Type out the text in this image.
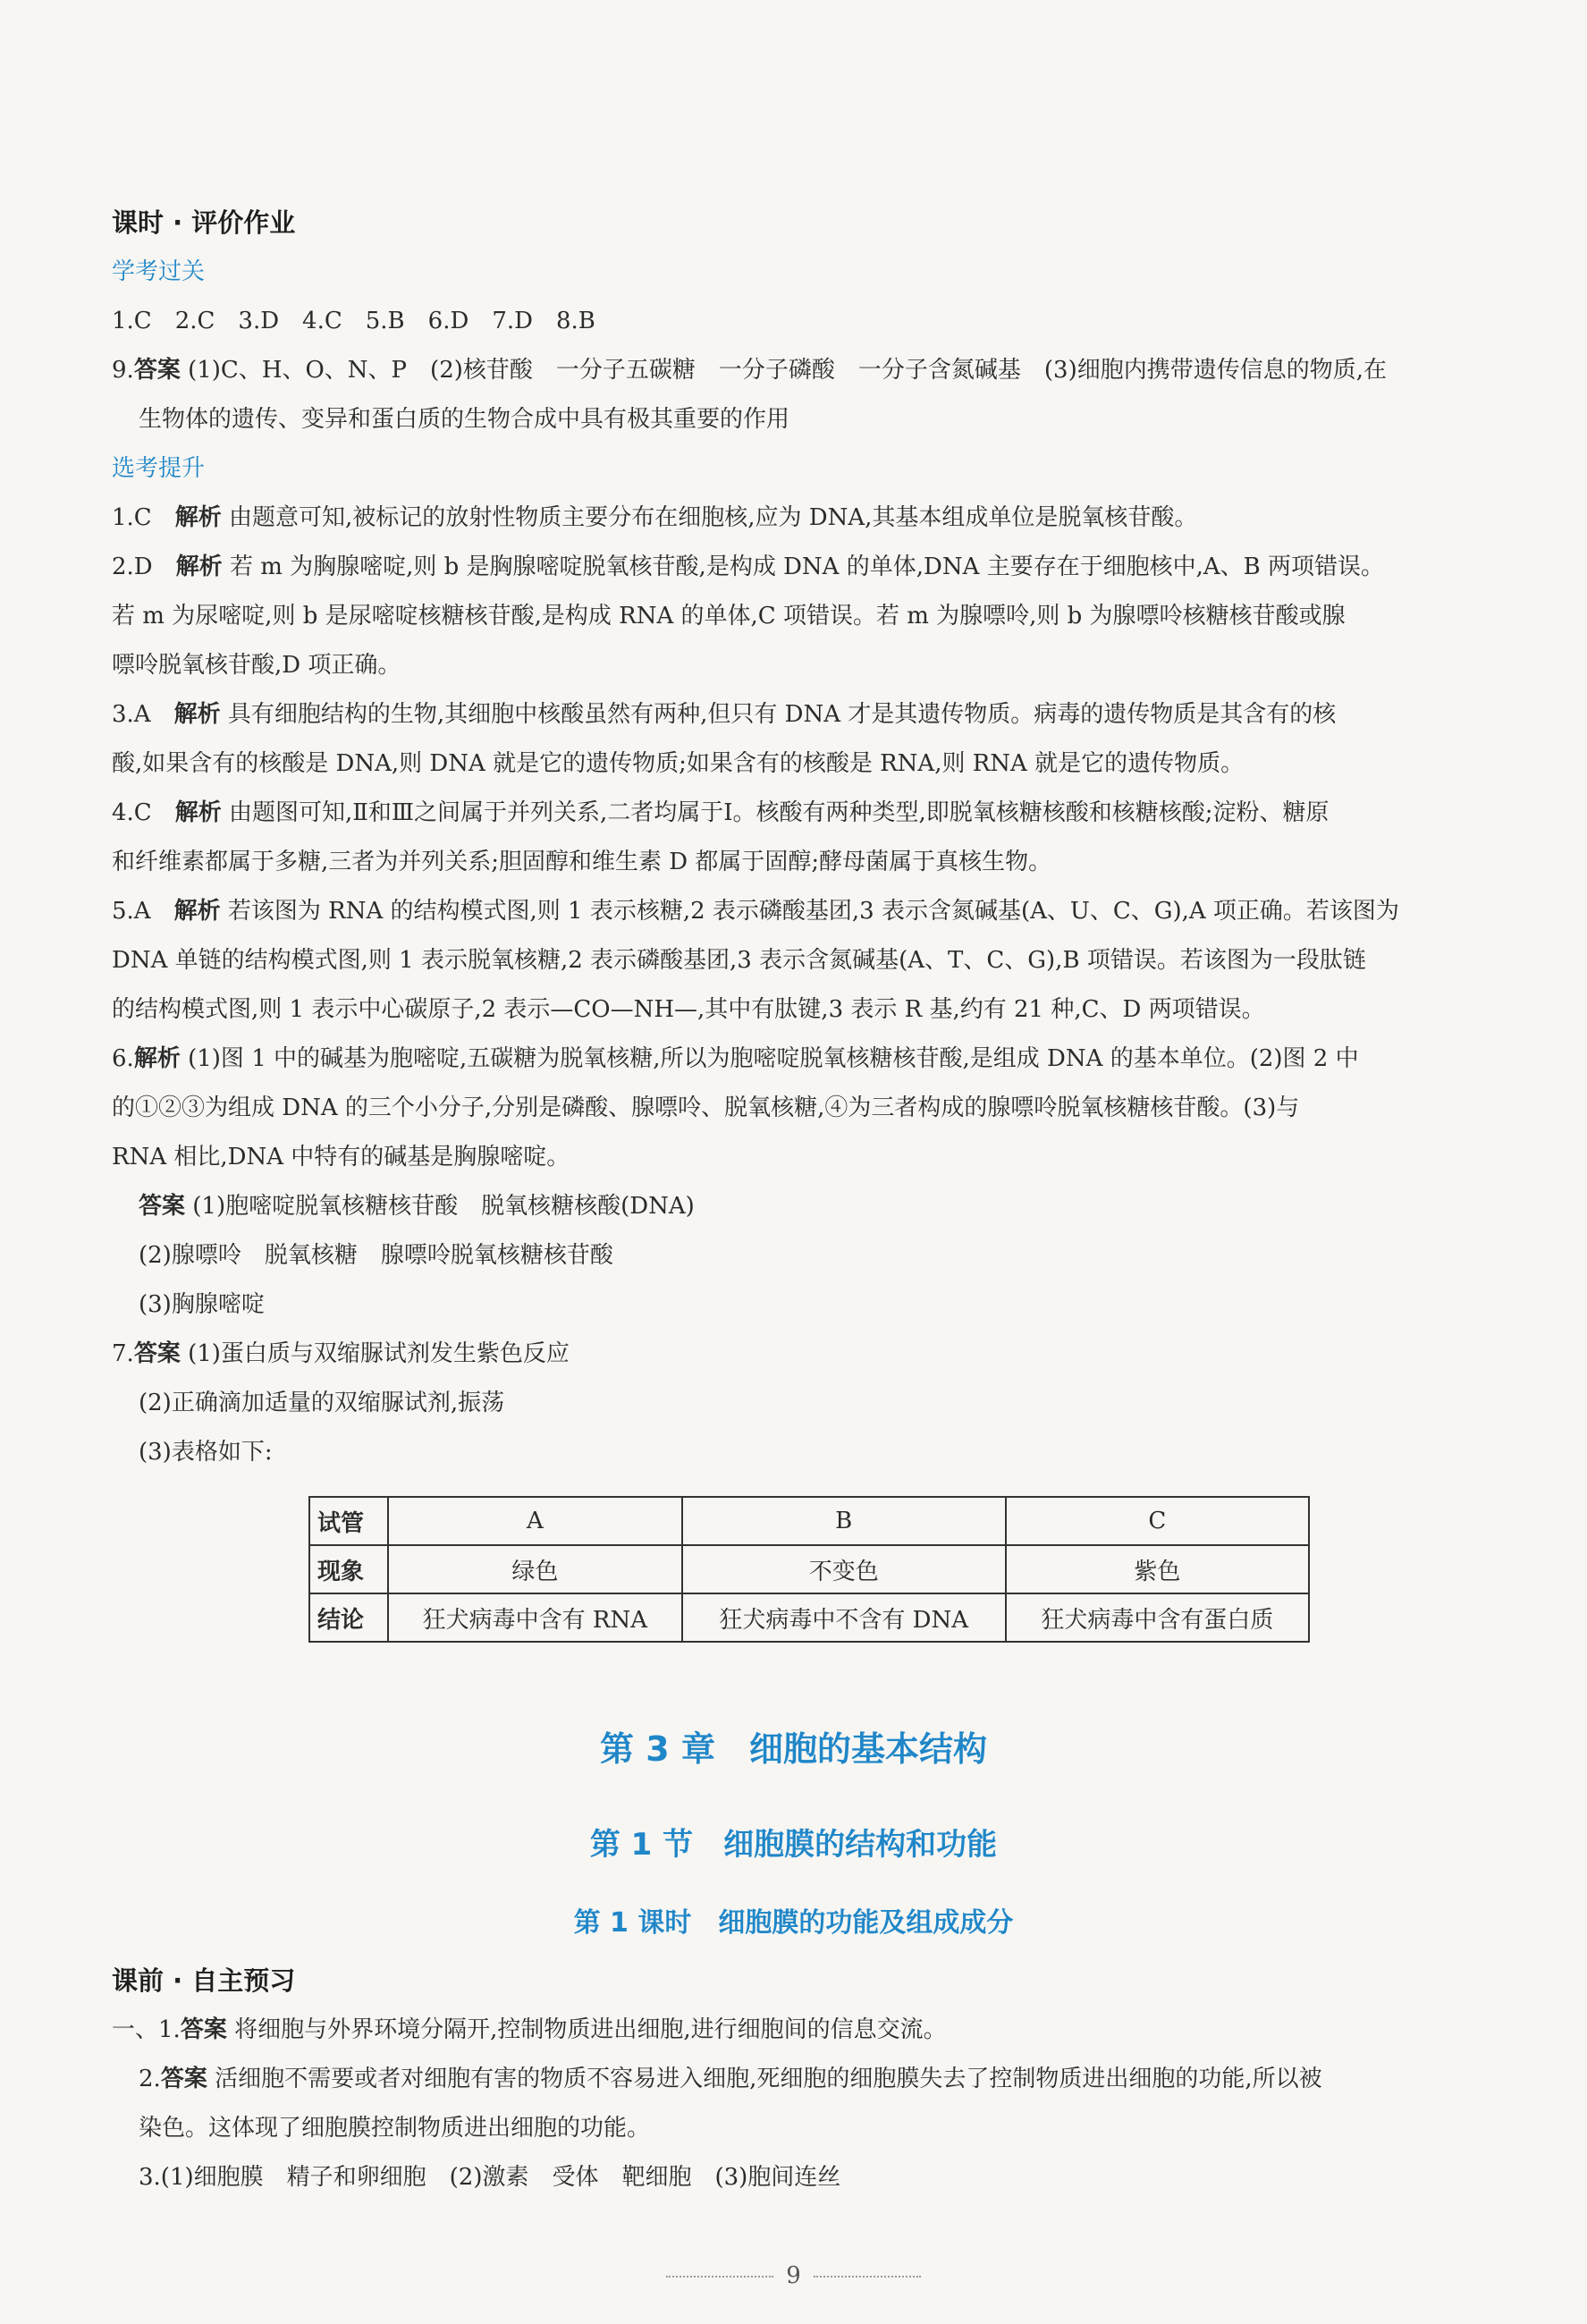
课时 · 评价作业
学考过关
1.C　2.C　3.D　4.C　5.B　6.D　7.D　8.B
9.答案 (1)C、H、O、N、P　(2)核苷酸　一分子五碳糖　一分子磷酸　一分子含氮碱基　(3)细胞内携带遗传信息的物质,在
生物体的遗传、变异和蛋白质的生物合成中具有极其重要的作用
选考提升
1.C　解析 由题意可知,被标记的放射性物质主要分布在细胞核,应为 DNA,其基本组成单位是脱氧核苷酸。
2.D　解析 若 m 为胸腺嘧啶,则 b 是胸腺嘧啶脱氧核苷酸,是构成 DNA 的单体,DNA 主要存在于细胞核中,A、B 两项错误。
若 m 为尿嘧啶,则 b 是尿嘧啶核糖核苷酸,是构成 RNA 的单体,C 项错误。若 m 为腺嘌呤,则 b 为腺嘌呤核糖核苷酸或腺
嘌呤脱氧核苷酸,D 项正确。
3.A　解析 具有细胞结构的生物,其细胞中核酸虽然有两种,但只有 DNA 才是其遗传物质。病毒的遗传物质是其含有的核
酸,如果含有的核酸是 DNA,则 DNA 就是它的遗传物质;如果含有的核酸是 RNA,则 RNA 就是它的遗传物质。
4.C　解析 由题图可知,Ⅱ和Ⅲ之间属于并列关系,二者均属于Ⅰ。核酸有两种类型,即脱氧核糖核酸和核糖核酸;淀粉、糖原
和纤维素都属于多糖,三者为并列关系;胆固醇和维生素 D 都属于固醇;酵母菌属于真核生物。
5.A　解析 若该图为 RNA 的结构模式图,则 1 表示核糖,2 表示磷酸基团,3 表示含氮碱基(A、U、C、G),A 项正确。若该图为
DNA 单链的结构模式图,则 1 表示脱氧核糖,2 表示磷酸基团,3 表示含氮碱基(A、T、C、G),B 项错误。若该图为一段肽链
的结构模式图,则 1 表示中心碳原子,2 表示—CO—NH—,其中有肽键,3 表示 R 基,约有 21 种,C、D 两项错误。
6.解析 (1)图 1 中的碱基为胞嘧啶,五碳糖为脱氧核糖,所以为胞嘧啶脱氧核糖核苷酸,是组成 DNA 的基本单位。(2)图 2 中
的①②③为组成 DNA 的三个小分子,分别是磷酸、腺嘌呤、脱氧核糖,④为三者构成的腺嘌呤脱氧核糖核苷酸。(3)与
RNA 相比,DNA 中特有的碱基是胸腺嘧啶。
答案 (1)胞嘧啶脱氧核糖核苷酸　脱氧核糖核酸(DNA)
(2)腺嘌呤　脱氧核糖　腺嘌呤脱氧核糖核苷酸
(3)胸腺嘧啶
7.答案 (1)蛋白质与双缩脲试剂发生紫色反应
(2)正确滴加适量的双缩脲试剂,振荡
(3)表格如下:
试管	A	B	C
现象	绿色	不变色	紫色
结论	狂犬病毒中含有 RNA	狂犬病毒中不含有 DNA	狂犬病毒中含有蛋白质
第 3 章　细胞的基本结构
第 1 节　细胞膜的结构和功能
第 1 课时　细胞膜的功能及组成成分
课前 · 自主预习
一、1.答案 将细胞与外界环境分隔开,控制物质进出细胞,进行细胞间的信息交流。
2.答案 活细胞不需要或者对细胞有害的物质不容易进入细胞,死细胞的细胞膜失去了控制物质进出细胞的功能,所以被
染色。这体现了细胞膜控制物质进出细胞的功能。
3.(1)细胞膜　精子和卵细胞　(2)激素　受体　靶细胞　(3)胞间连丝
9
